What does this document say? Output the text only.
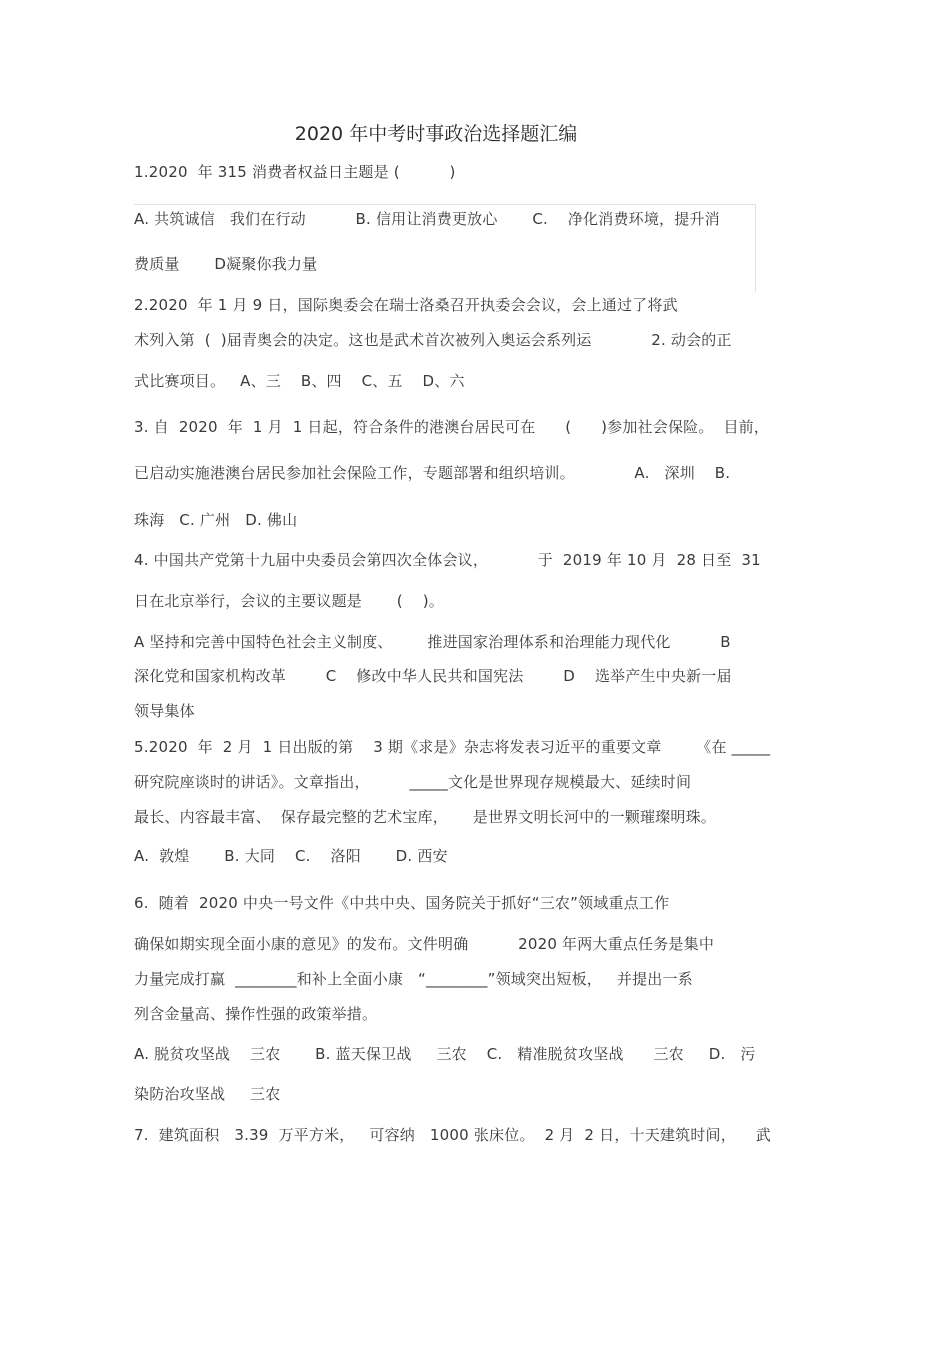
2020 年中考时事政治选择题汇编

1.2020  年 315 消费者权益日主题是 (          )

A. 共筑诚信   我们在行动          B. 信用让消费更放心       C.    净化消费环境，提升消

费质量       D凝聚你我力量

2.2020  年 1 月 9 日，国际奥委会在瑞士洛桑召开执委会会议，会上通过了将武

术列入第  (  )届青奥会的决定。这也是武术首次被列入奥运会系列运            2. 动会的正

式比赛项目。   A、三    B、四    C、五    D、六

3. 自  2020  年  1 月  1 日起，符合条件的港澳台居民可在      (      )参加社会保险。  目前，

已启动实施港澳台居民参加社会保险工作，专题部署和组织培训。            A.   深圳    B.

珠海   C. 广州   D. 佛山

4. 中国共产党第十九届中央委员会第四次全体会议，          于  2019 年 10 月  28 日至  31

日在北京举行，会议的主要议题是       (    )。

A 坚持和完善中国特色社会主义制度、       推进国家治理体系和治理能力现代化          B

深化党和国家机构改革        C    修改中华人民共和国宪法        D    选举产生中央新一届

领导集体

5.2020  年  2 月  1 日出版的第    3 期《求是》杂志将发表习近平的重要文章       《在 _____

研究院座谈时的讲话》。文章指出，        _____文化是世界现存规模最大、延续时间

最长、内容最丰富、  保存最完整的艺术宝库，     是世界文明长河中的一颗璀璨明珠。

A.  敦煌       B. 大同    C.    洛阳       D. 西安

6.  随着  2020 中央一号文件《中共中央、国务院关于抓好“三农”领域重点工作

确保如期实现全面小康的意见》的发布。文件明确          2020 年两大重点任务是集中

力量完成打赢  ________和补上全面小康   “________”领域突出短板，   并提出一系

列含金量高、操作性强的政策举措。

A. 脱贫攻坚战    三农       B. 蓝天保卫战     三农    C.   精准脱贫攻坚战      三农     D.   污

染防治攻坚战     三农

7.  建筑面积   3.39  万平方米，   可容纳   1000 张床位。  2 月  2 日，十天建筑时间，    武
